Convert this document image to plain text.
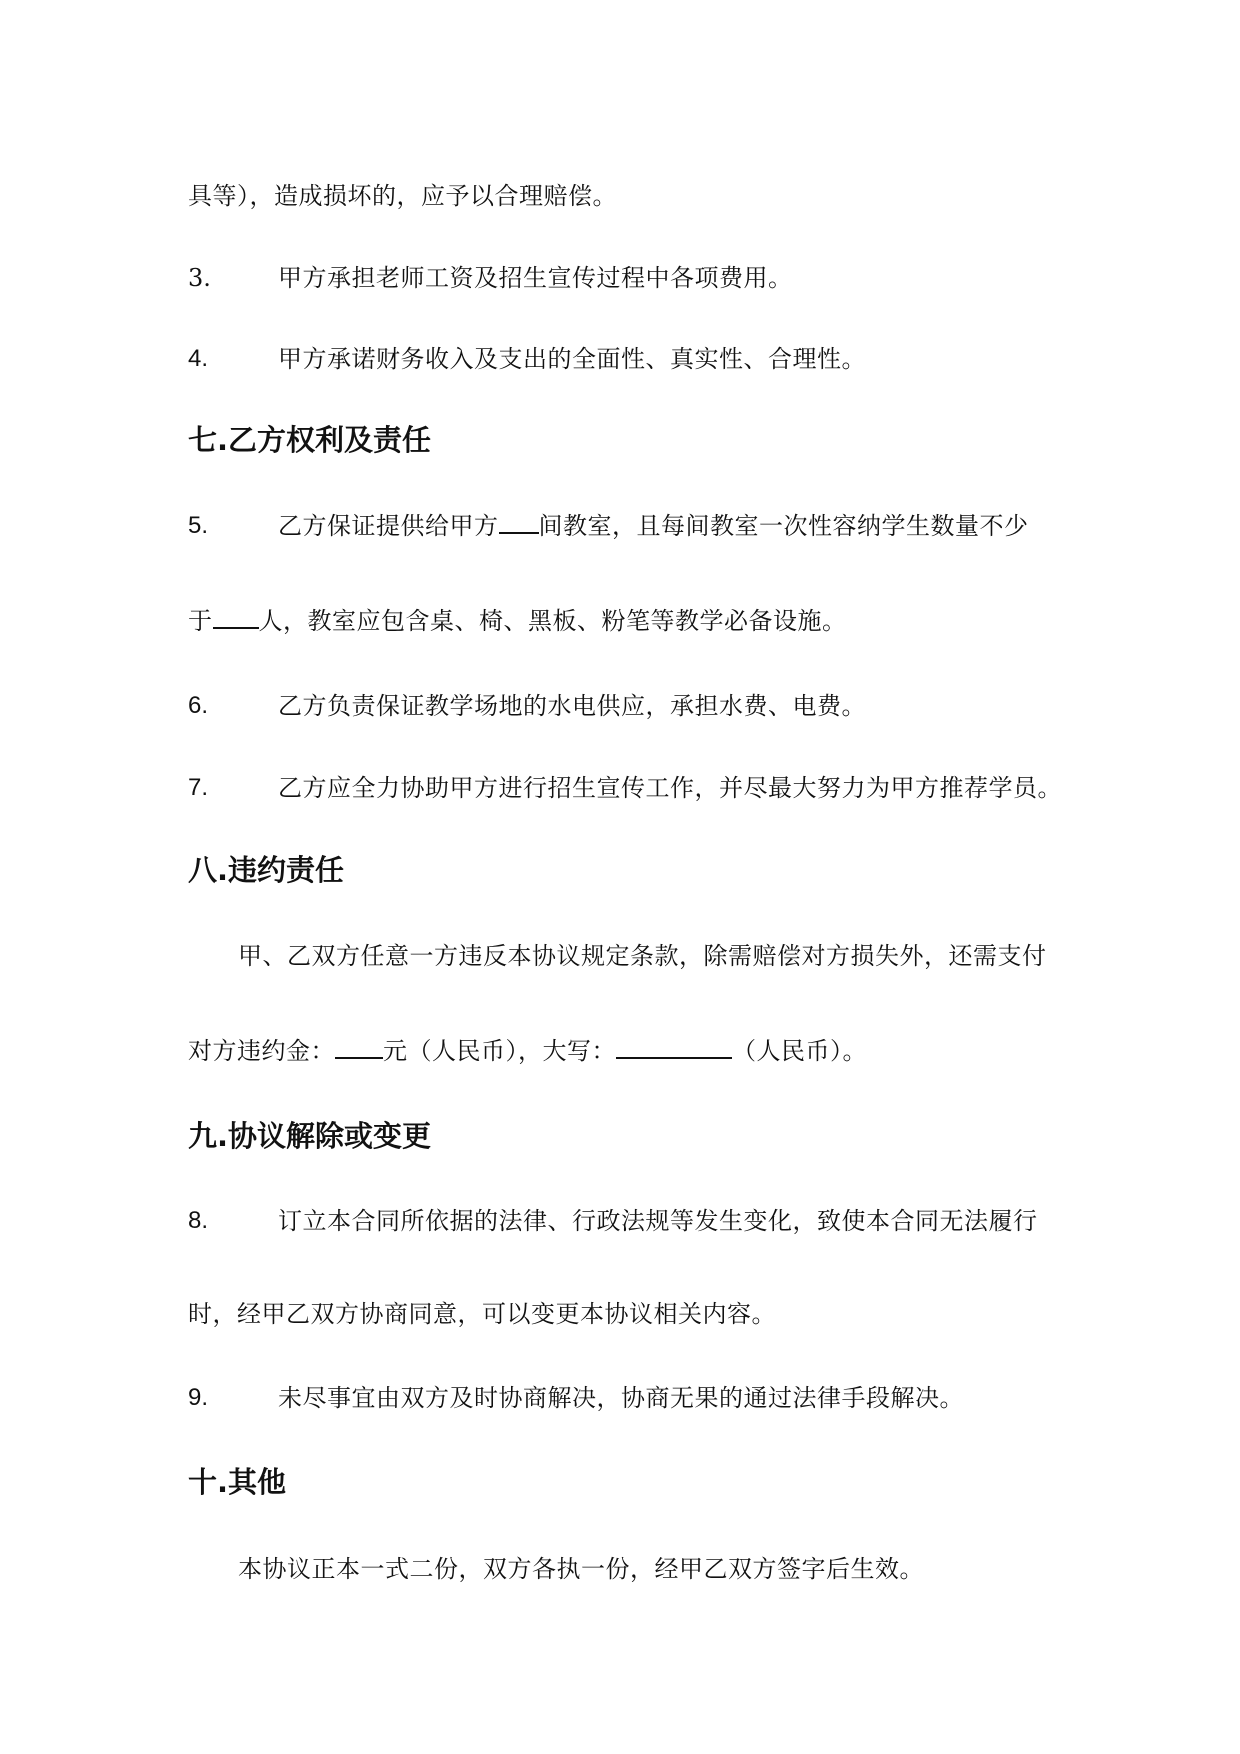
具等），造成损坏的，应予以合理赔偿。
3.	甲方承担老师工资及招生宣传过程中各项费用。
4.	甲方承诺财务收入及支出的全面性、真实性、合理性。
七.乙方权利及责任
5.	乙方保证提供给甲方 间教室，且每间教室一次性容纳学生数量不少
于 人，教室应包含桌、椅、黑板、粉笔等教学必备设施。
6.	乙方负责保证教学场地的水电供应，承担水费、电费。
7.	乙方应全力协助甲方进行招生宣传工作，并尽最大努力为甲方推荐学员。
八.违约责任
甲、乙双方任意一方违反本协议规定条款，除需赔偿对方损失外，还需支付
对方违约金： 元（人民币），大写：	（人民币）。
九.协议解除或变更
8.	订立本合同所依据的法律、行政法规等发生变化，致使本合同无法履行
时，经甲乙双方协商同意，可以变更本协议相关内容。
9.	未尽事宜由双方及时协商解决，协商无果的通过法律手段解决。
十.其他
本协议正本一式二份，双方各执一份，经甲乙双方签字后生效。
